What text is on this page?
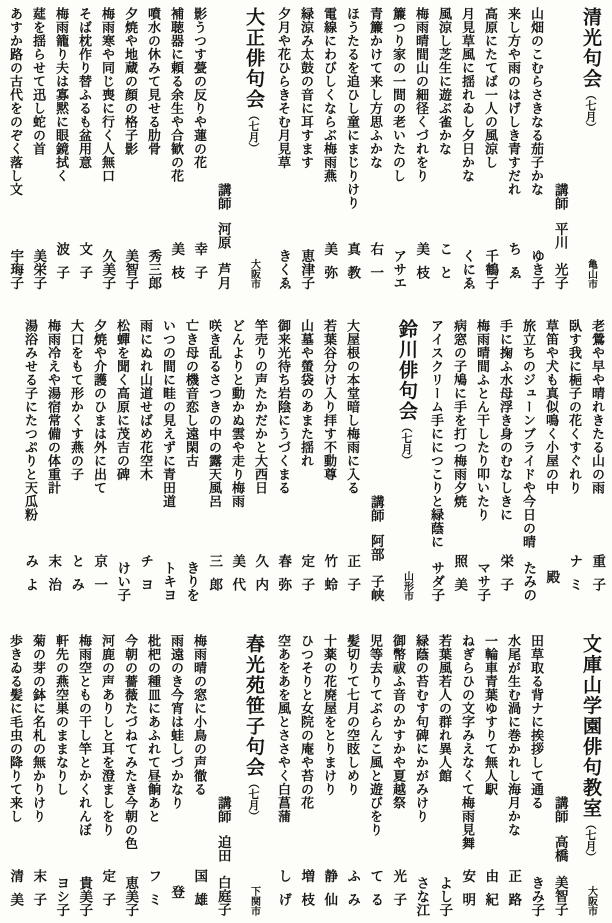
清光句会（七月）
亀山市
講師平川　光子
山畑のこむらさきなる茄子かな
ゆき子
来し方や雨のはげしき青すだれ
ちゑ
高原にたてば一人の風涼し
千鶴子
月見草風に揺れゐし夕日かな
くにゑ
風涼し芝生に遊ぶ雀かな
こと
梅雨晴間山の細径くづれをり
美枝
簾つり家の一間の老いたのし
アサエ
青簾かけて来し方思ふかな
右一
ほうたるを追ひし童にまじりけり
真教
電線にわびしくならぶ梅雨燕
美弥
緑涼み太鼓の音に耳すます
恵津子
夕月や花ひらきそむ月見草
きくゑ
大正俳句会（七月）
大阪市
講師河原　芦月
影うつす甍の反りや蓮の花
幸子
補聴器に頼る余生や合歓の花
美枝
噴水の休みて見せる肋骨
秀三郎
夕焼や地蔵の顔の格子影
美智子
梅雨寒や同じ喪に行く人無口
久美子
そば枕作り替ふるも盆用意
文子
梅雨籠り夫は寡黙に眼鏡拭く
波子
莚を揺らせて迅し蛇の首
美栄子
あすか路の古代をのぞく落し文
宇珻子
老鶯や早や晴れきたる山の雨
重子
臥す我に梔子の花くすぐれり
ナミ
草笛や犬も真似鳴く小屋の中
殿
旅立ちのジューンブライドや今日の晴
たみの
手に掬ふ水母浮き身のむなしきに
栄子
梅雨晴間ふとん干したり叩いたり
マサ子
病窓の子鳩に手を打つ梅雨夕焼
照美
アイスクリーム手ににつこりと緑蔭に
サダ子
鈴川俳句会（七月）
山形市
講師阿部　子峡
大屋根の本堂暗し梅雨に入る
正子
若葉谷分け入り拝す不動尊
竹蛉
山墓や螢袋のあまた揺れ
定子
御来光待ち岩陰にうづくまる
春弥
竿売りの声たかだかと大西日
久内
どんよりと動かぬ雲や走り梅雨
美代
咲き乱るさつきの中の露天風呂
三郎
亡き母の機音恋し遠閑古
きりを
いつの間に畦の見えずに青田道
トキヨ
雨にぬれ山道せばめ花空木
チヨ
松蟬を聞く高原に茂吉の碑
けい子
夕焼や介護のひまは外に出て
京一
大口をもて形かくす燕の子
とみ
梅雨冷えや湯宿常備の体重計
末治
湯浴みせる子にたつぷりと天瓜粉
みよ
文庫山学園俳句教室（七月）
大阪市
講師高橋　美智子
田草取る背ナに挨拶して通る
きみ子
水尾が生む渦に巻かれし海月かな
正路
一輪車青葉ゆすりて無人駅
由紀
ねぎらひの文字みえなくて梅雨見舞
安明
若葉風若人の群れ異人館
よし子
緑蔭の苔むす句碑にかがみけり
さな江
御幣祓ふ音のかすかや夏越祭
光子
児等去りてぶらんこ風と遊びをり
てる
髪切りて七月の空眩しめり
ふみ
十薬の花廃屋をとりまけり
静仙
ひつそりと女院の庵や苔の花
増枝
空あをあを風とささやく白菖蒲
しげ
春光苑笹子句会（七月）
下関市
講師迫田　白庭子
梅雨晴の窓に小鳥の声徹る
国雄
雨遠のき今宵は蛙しづかなり
登
枇杷の種皿にあふれて昼餉あと
フミ
今朝の薔薇たづねてみたき今朝の色
恵美子
河鹿の声ありしと耳を澄ましをり
定子
梅雨空ともの干し竿とかくれんぼ
貴美子
軒先の燕空巣のままなりし
ヨシ子
菊の芽の鉢に名札の無かりけり
末子
歩きゐる髪に毛虫の降りて来し
清美
